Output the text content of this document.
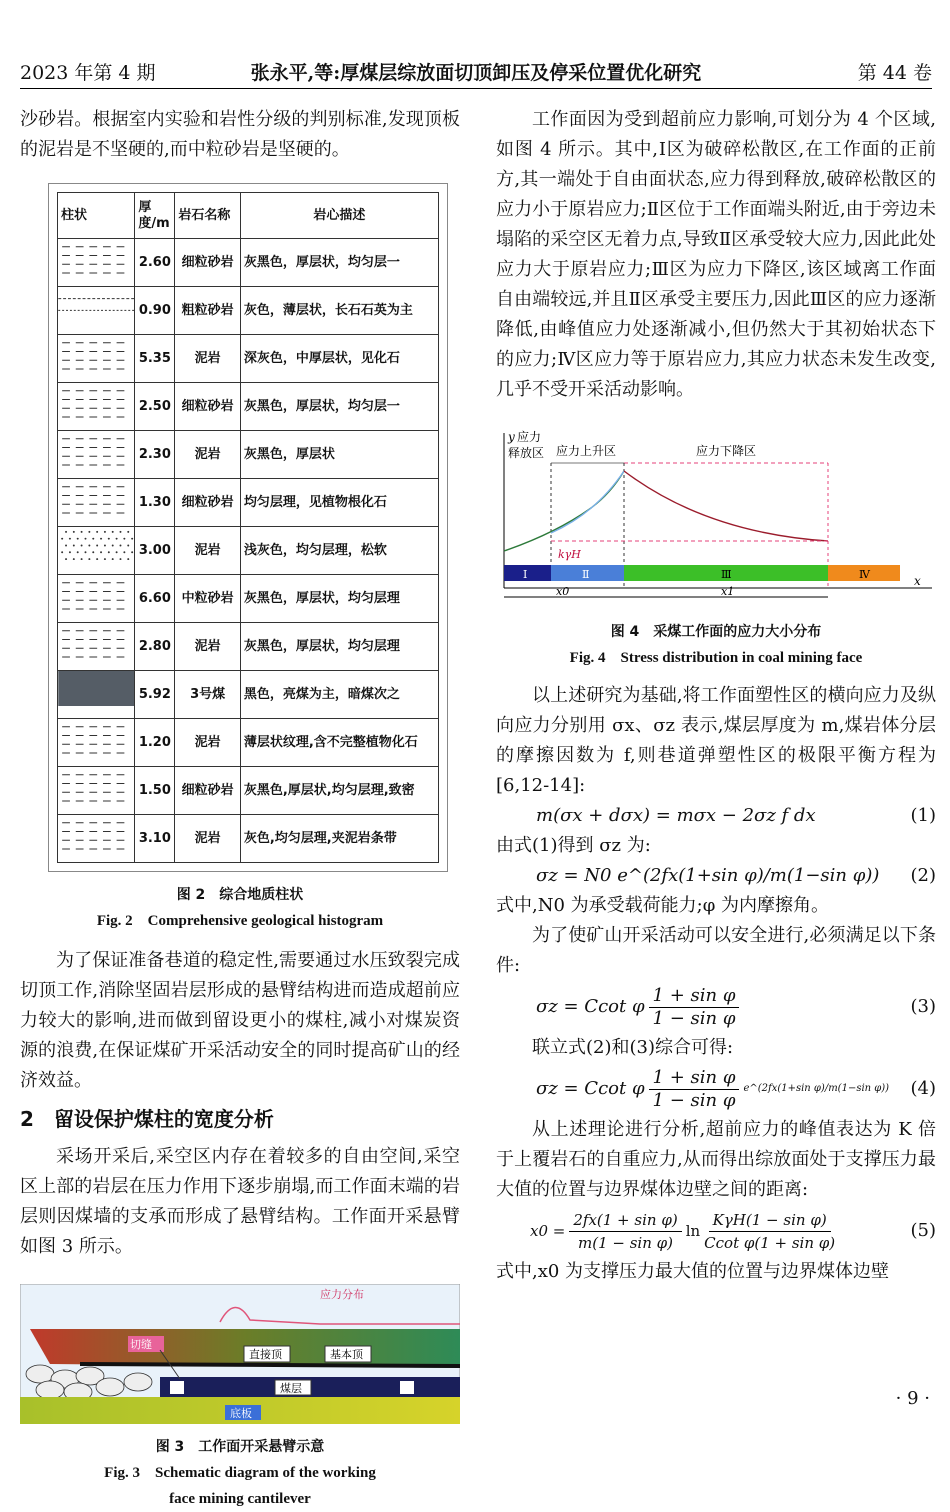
2023 年第 4 期	张永平,等:厚煤层综放面切顶卸压及停采位置优化研究	第 44 卷

沙砂岩。根据室内实验和岩性分级的判别标准,发现顶板的泥岩是不坚硬的,而中粒砂岩是坚硬的。

柱状	厚度/m	岩石名称	岩心描述
	2.60	细粒砂岩	灰黑色，厚层状，均匀层一
	0.90	粗粒砂岩	灰色，薄层状，长石石英为主
	5.35	泥岩	深灰色，中厚层状，见化石
	2.50	细粒砂岩	灰黑色，厚层状，均匀层一
	2.30	泥岩	灰黑色，厚层状
	1.30	细粒砂岩	均匀层理，见植物根化石
	3.00	泥岩	浅灰色，均匀层理，松软
	6.60	中粒砂岩	灰黑色，厚层状，均匀层理
	2.80	泥岩	灰黑色，厚层状，均匀层理
	5.92	3号煤	黑色，亮煤为主，暗煤次之
	1.20	泥岩	薄层状纹理,含不完整植物化石
	1.50	细粒砂岩	灰黑色,厚层状,均匀层理,致密
	3.10	泥岩	灰色,均匀层理,夹泥岩条带
图 2　综合地质柱状
Fig. 2　Comprehensive geological histogram

为了保证准备巷道的稳定性,需要通过水压致裂完成切顶工作,消除坚固岩层形成的悬臂结构进而造成超前应力较大的影响,进而做到留设更小的煤柱,减小对煤炭资源的浪费,在保证煤矿开采活动安全的同时提高矿山的经济效益。

2　留设保护煤柱的宽度分析

采场开采后,采空区内存在着较多的自由空间,采空区上部的岩层在压力作用下逐步崩塌,而工作面末端的岩层则因煤墙的支承而形成了悬臂结构。工作面开采悬臂如图 3 所示。

应力分布
切缝
直接顶	基本顶
煤层
底板
图 3　工作面开采悬臂示意
Fig. 3　Schematic diagram of the working
face mining cantilever

工作面因为受到超前应力影响,可划分为 4 个区域,如图 4 所示。其中,Ⅰ区为破碎松散区,在工作面的正前方,其一端处于自由面状态,应力得到释放,破碎松散区的应力小于原岩应力;Ⅱ区位于工作面端头附近,由于旁边未塌陷的采空区无着力点,导致Ⅱ区承受较大应力,因此此处应力大于原岩应力;Ⅲ区为应力下降区,该区域离工作面自由端较远,并且Ⅱ区承受主要压力,因此Ⅲ区的应力逐渐降低,由峰值应力处逐渐减小,但仍然大于其初始状态下的应力;Ⅳ区应力等于原岩应力,其应力状态未发生改变,几乎不受开采活动影响。

y 应力
释放区 应力上升区	应力下降区
kγH
Ⅰ	Ⅱ	Ⅲ	Ⅳ	x
x0	x1
图 4　采煤工作面的应力大小分布
Fig. 4　Stress distribution in coal mining face

以上述研究为基础,将工作面塑性区的横向应力及纵向应力分别用 σx、σz 表示,煤层厚度为 m,煤岩体分层的摩擦因数为 f,则巷道弹塑性区的极限平衡方程为[6,12-14]:

m(σx + dσx) = mσx − 2σz f dx	(1)

由式(1)得到 σz 为:

σz = N0 e^(2fx(1+sin φ)/m(1−sin φ)) (2)

式中,N0 为承受载荷能力;φ 为内摩擦角。

为了使矿山开采活动可以安全进行,必须满足以下条件:

σz = Ccot φ $\frac{\text{1 + sin φ}}{\text{1 − sin φ}}$	(3)

联立式(2)和(3)综合可得:

σz = Ccot φ $\frac{\text{1 + sin φ}}{\text{1 − sin φ}}$ e^(2fx(1+sin φ)/m(1−sin φ)) (4)

从上述理论进行分析,超前应力的峰值表达为 K 倍于上覆岩石的自重应力,从而得出综放面处于支撑压力最大值的位置与边界煤体边壁之间的距离:

$x0 = \frac{\text{2fx(1 + sin φ)}}{\text{m(1 − sin φ)}}$ $\ln \frac{\text{KγH(1 − sin φ)}}{\text{Ccot φ(1 + sin φ)}}$	(5)

式中,x0 为支撑压力最大值的位置与边界煤体边壁

· 9 ·
